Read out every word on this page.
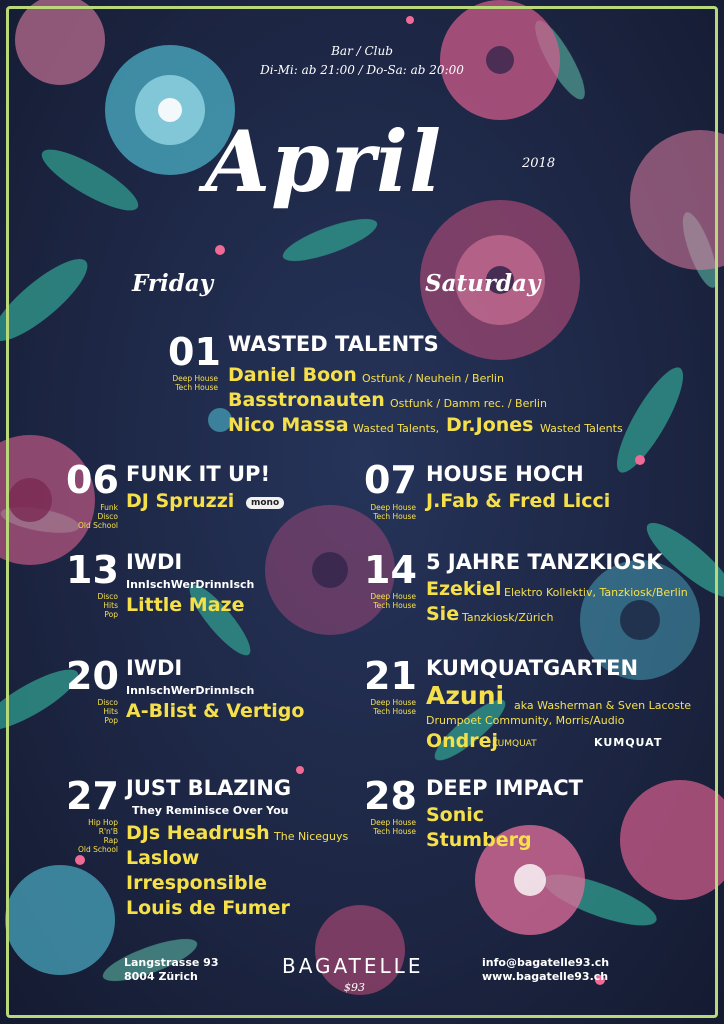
Bar / Club
Di-Mi: ab 21:00 / Do-Sa: ab 20:00
April	2018
Friday	Saturday
01
Deep House
Tech House
WASTED TALENTS
Daniel Boon Ostfunk / Neuhein / Berlin
Basstronauten Ostfunk / Damm rec. / Berlin
Nico Massa Wasted Talents, Dr.Jones Wasted Talents
06
Funk
Disco
Old School
FUNK IT UP!
DJ Spruzzi	mono
07
Deep House
Tech House
HOUSE HOCH
J.Fab & Fred Licci
13
Disco
Hits
Pop
IWDI
InnIschWerDrinnIsch
Little Maze
14
Deep House
Tech House
5 JAHRE TANZKIOSK
Ezekiel Elektro Kollektiv, Tanzkiosk/Berlin
Sie Tanzkiosk/Zürich
20
Disco
Hits
Pop
IWDI
InnIschWerDrinnIsch
A-Blist & Vertigo
21
Deep House
Tech House
KUMQUATGARTEN
Azuni aka Washerman & Sven Lacoste
Drumpoet Community, Morris/Audio
Ondrej
KUMQUAT	KUMQUAT
27
Hip Hop
R'n'B
Rap
Old School
JUST BLAZING
They Reminisce Over You
DJs Headrush The Niceguys
Laslow
Irresponsible
Louis de Fumer
28
Deep House
Tech House
DEEP IMPACT
Sonic
Stumberg
Langstrasse 93
8004 Zürich	BAGATELLE
$93
info@bagatelle93.ch
www.bagatelle93.ch
